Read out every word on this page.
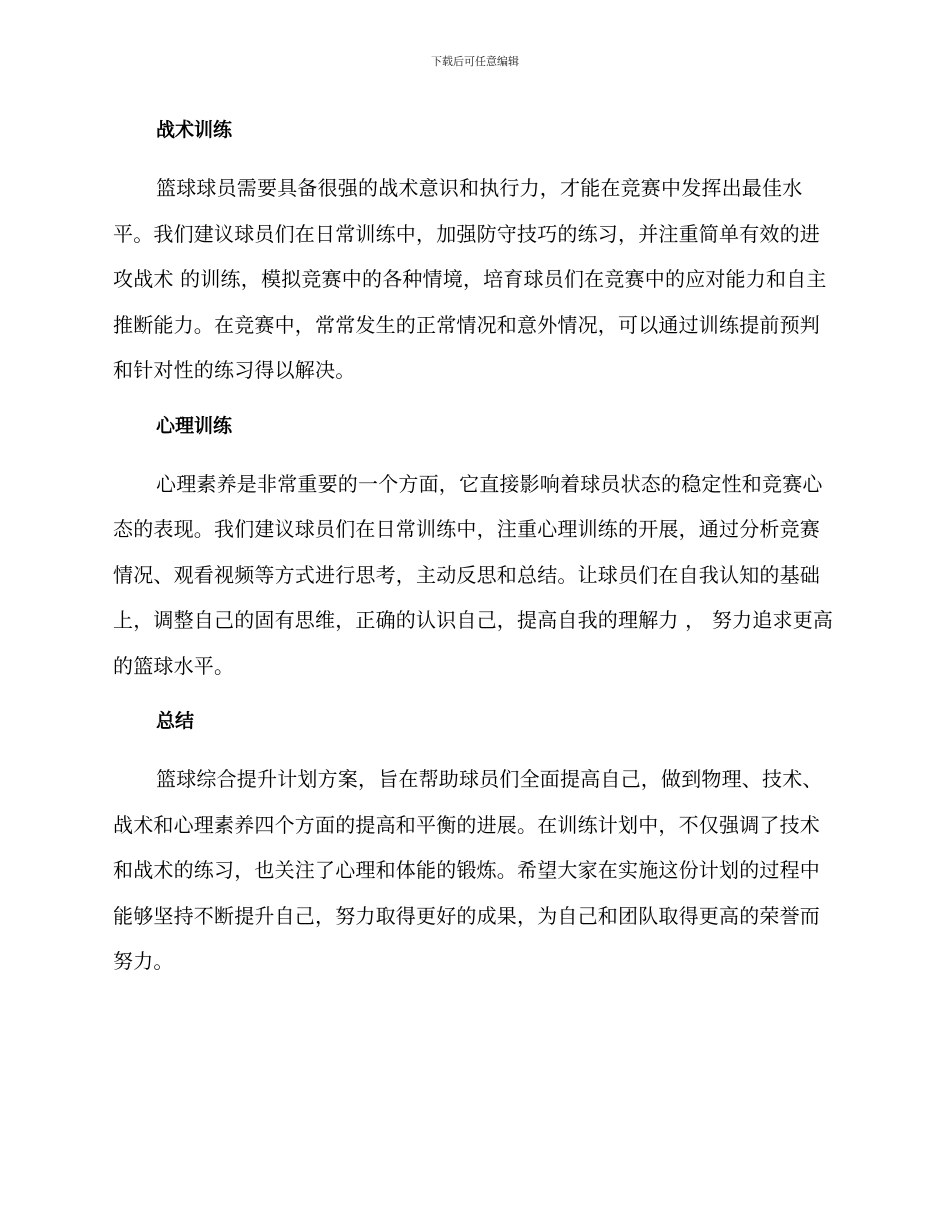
下载后可任意编辑
战术训练

篮球球员需要具备很强的战术意识和执行力，才能在竞赛中发挥出最佳水平。我们建议球员们在日常训练中，加强防守技巧的练习，并注重简单有效的进攻战术 的训练，模拟竞赛中的各种情境，培育球员们在竞赛中的应对能力和自主推断能力。在竞赛中，常常发生的正常情况和意外情况，可以通过训练提前预判和针对性的练习得以解决。

心理训练

心理素养是非常重要的一个方面，它直接影响着球员状态的稳定性和竞赛心态的表现。我们建议球员们在日常训练中，注重心理训练的开展，通过分析竞赛情况、观看视频等方式进行思考，主动反思和总结。让球员们在自我认知的基础上，调整自己的固有思维，正确的认识自己，提高自我的理解力 ， 努力追求更高的篮球水平。

总结

篮球综合提升计划方案，旨在帮助球员们全面提高自己，做到物理、技术、战术和心理素养四个方面的提高和平衡的进展。在训练计划中，不仅强调了技术和战术的练习，也关注了心理和体能的锻炼。希望大家在实施这份计划的过程中能够坚持不断提升自己，努力取得更好的成果，为自己和团队取得更高的荣誉而努力。
